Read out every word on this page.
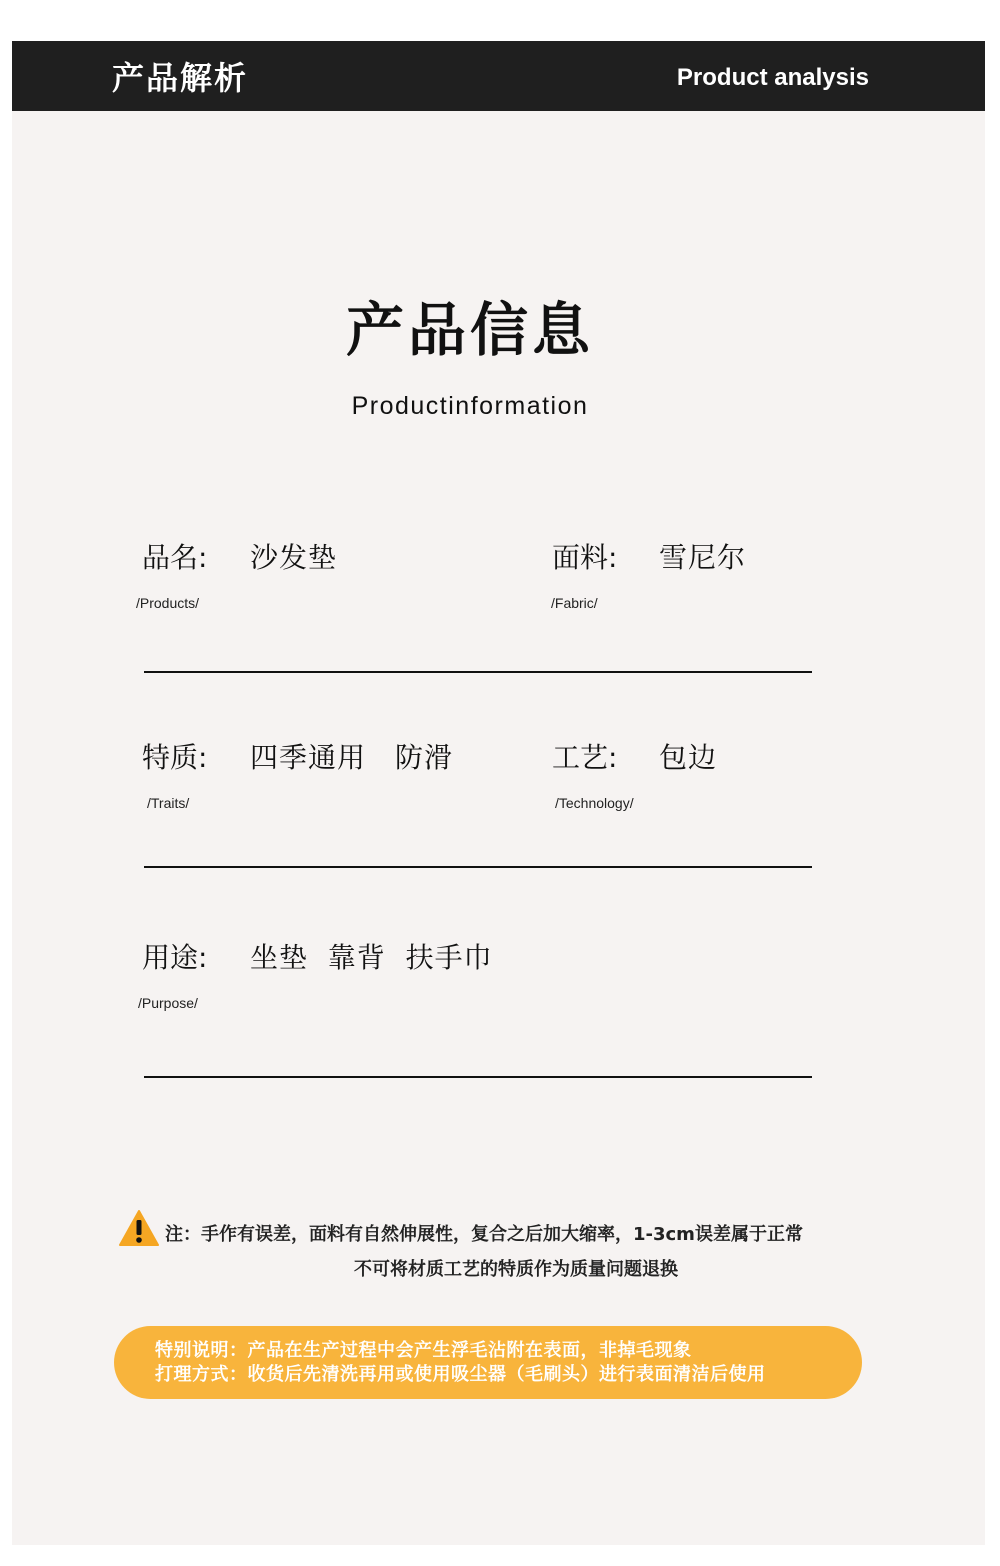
产品解析	Product analysis
产品信息
Productinformation
品名: 沙发垫
/Products/
面料: 雪尼尔
/Fabric/
特质: 四季通用　防滑
/Traits/
工艺: 包边
/Technology/
用途: 坐垫  靠背  扶手巾
/Purpose/
注：手作有误差，面料有自然伸展性，复合之后加大缩率，1-3cm误差属于正常
不可将材质工艺的特质作为质量问题退换
特别说明：产品在生产过程中会产生浮毛沾附在表面，非掉毛现象
打理方式：收货后先清洗再用或使用吸尘器（毛刷头）进行表面清洁后使用
